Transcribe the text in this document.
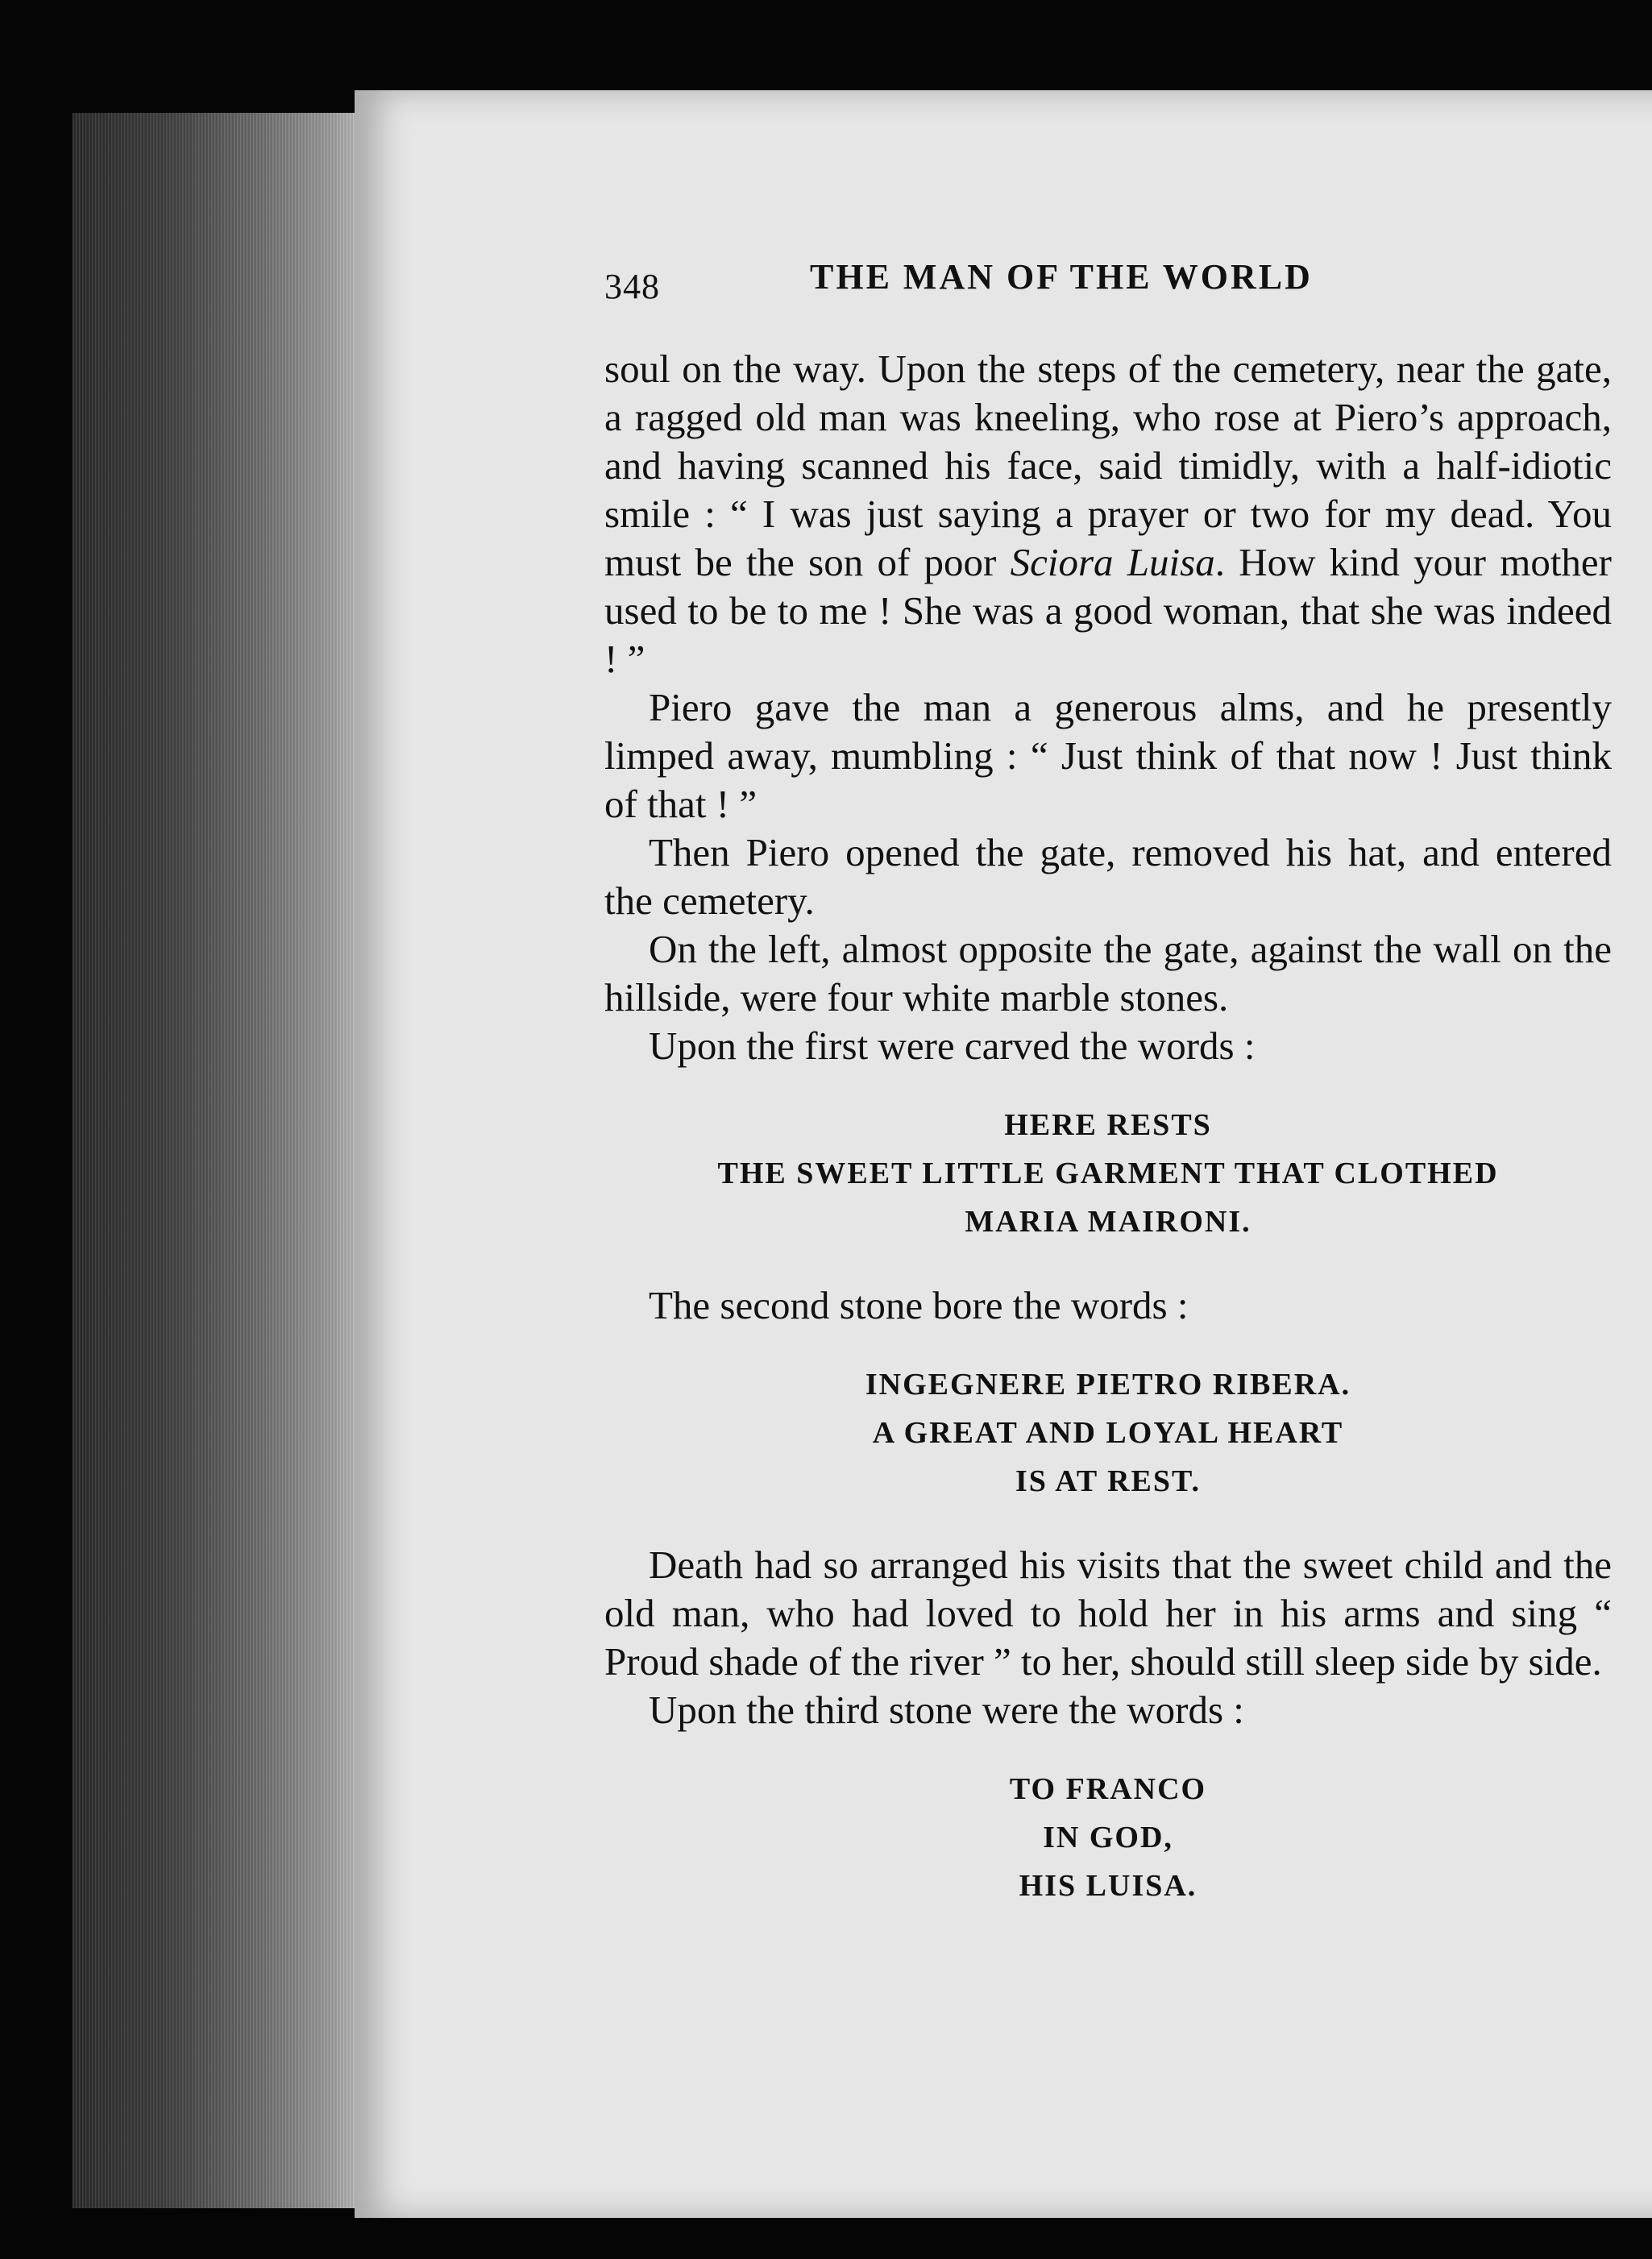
348	THE MAN OF THE WORLD

soul on the way. Upon the steps of the cemetery, near the gate, a ragged old man was kneeling, who rose at Piero’s approach, and having scanned his face, said timidly, with a half-idiotic smile : “ I was just saying a prayer or two for my dead. You must be the son of poor Sciora Luisa. How kind your mother used to be to me ! She was a good woman, that she was indeed ! ”

Piero gave the man a generous alms, and he presently limped away, mumbling : “ Just think of that now ! Just think of that ! ”

Then Piero opened the gate, removed his hat, and entered the cemetery.

On the left, almost opposite the gate, against the wall on the hillside, were four white marble stones.

Upon the first were carved the words :

HERE RESTS
THE SWEET LITTLE GARMENT THAT CLOTHED
MARIA MAIRONI.

The second stone bore the words :

INGEGNERE PIETRO RIBERA.
A GREAT AND LOYAL HEART
IS AT REST.

Death had so arranged his visits that the sweet child and the old man, who had loved to hold her in his arms and sing “ Proud shade of the river ” to her, should still sleep side by side.

Upon the third stone were the words :

TO FRANCO
IN GOD,
HIS LUISA.
